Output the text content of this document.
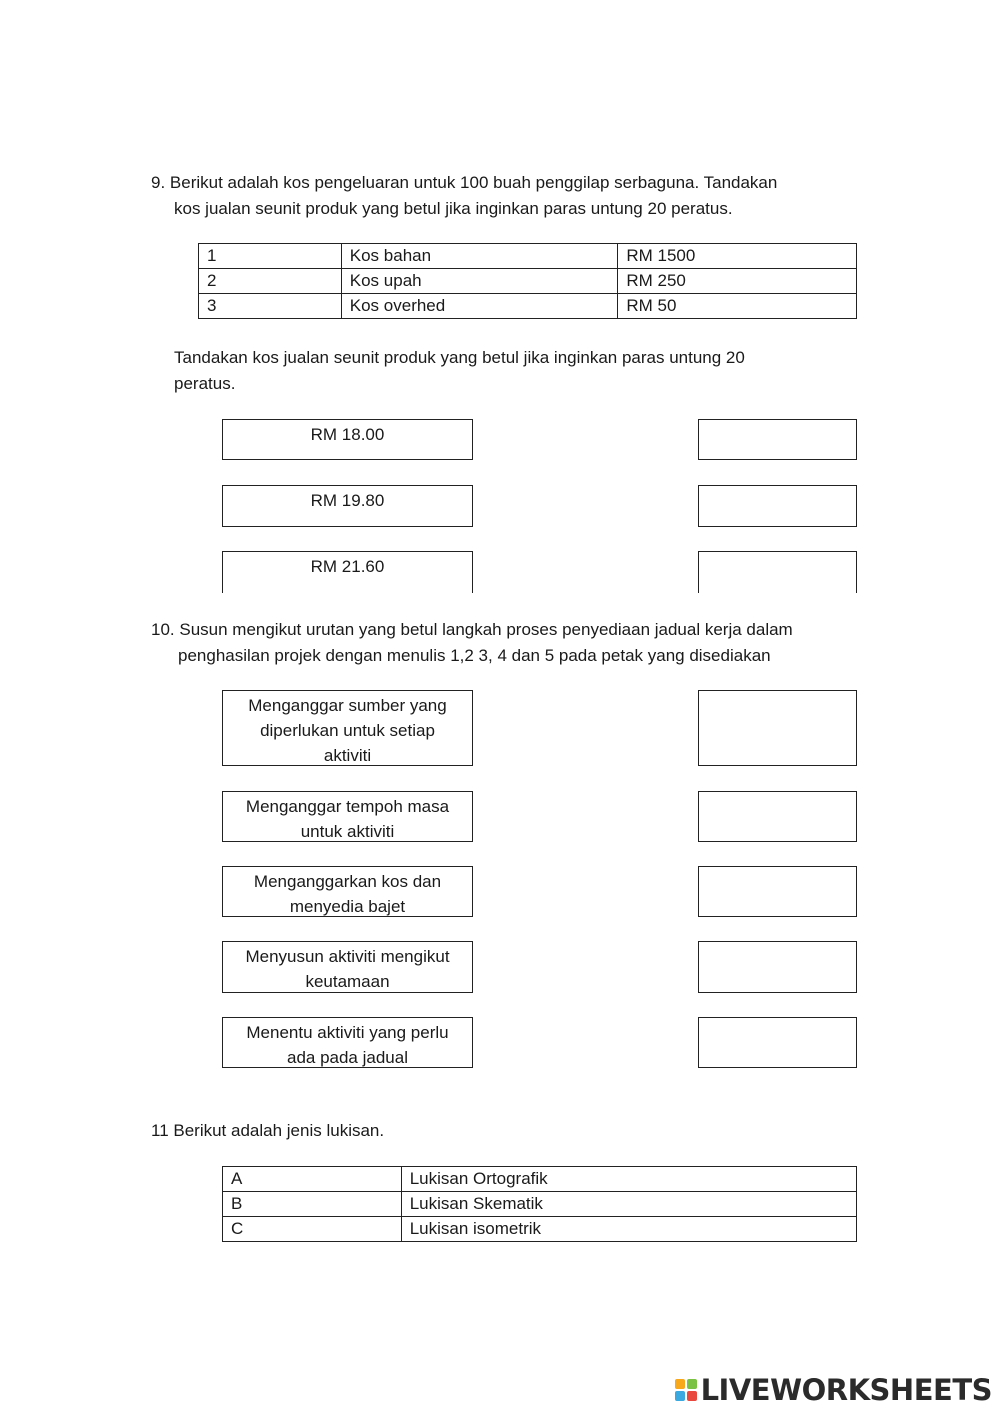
9. Berikut adalah kos pengeluaran untuk 100 buah penggilap serbaguna. Tandakan

kos jualan seunit produk yang betul jika inginkan paras untung 20 peratus.

1	Kos bahan	RM 1500
2	Kos upah	RM 250
3	Kos overhed	RM 50

Tandakan kos jualan seunit produk yang betul jika inginkan paras untung 20

peratus.

RM 18.00
RM 19.80
RM 21.60

10. Susun mengikut urutan yang betul langkah proses penyediaan jadual kerja dalam

penghasilan projek dengan menulis 1,2 3, 4 dan 5 pada petak yang disediakan

Menganggar sumber yang
diperlukan untuk setiap
aktiviti
Menganggar tempoh masa
untuk aktiviti
Menganggarkan kos dan
menyedia bajet
Menyusun aktiviti mengikut
keutamaan
Menentu aktiviti yang perlu
ada pada jadual

11 Berikut adalah jenis lukisan.

A	Lukisan Ortografik
B	Lukisan Skematik
C	Lukisan isometrik
LIVEWORKSHEETS
